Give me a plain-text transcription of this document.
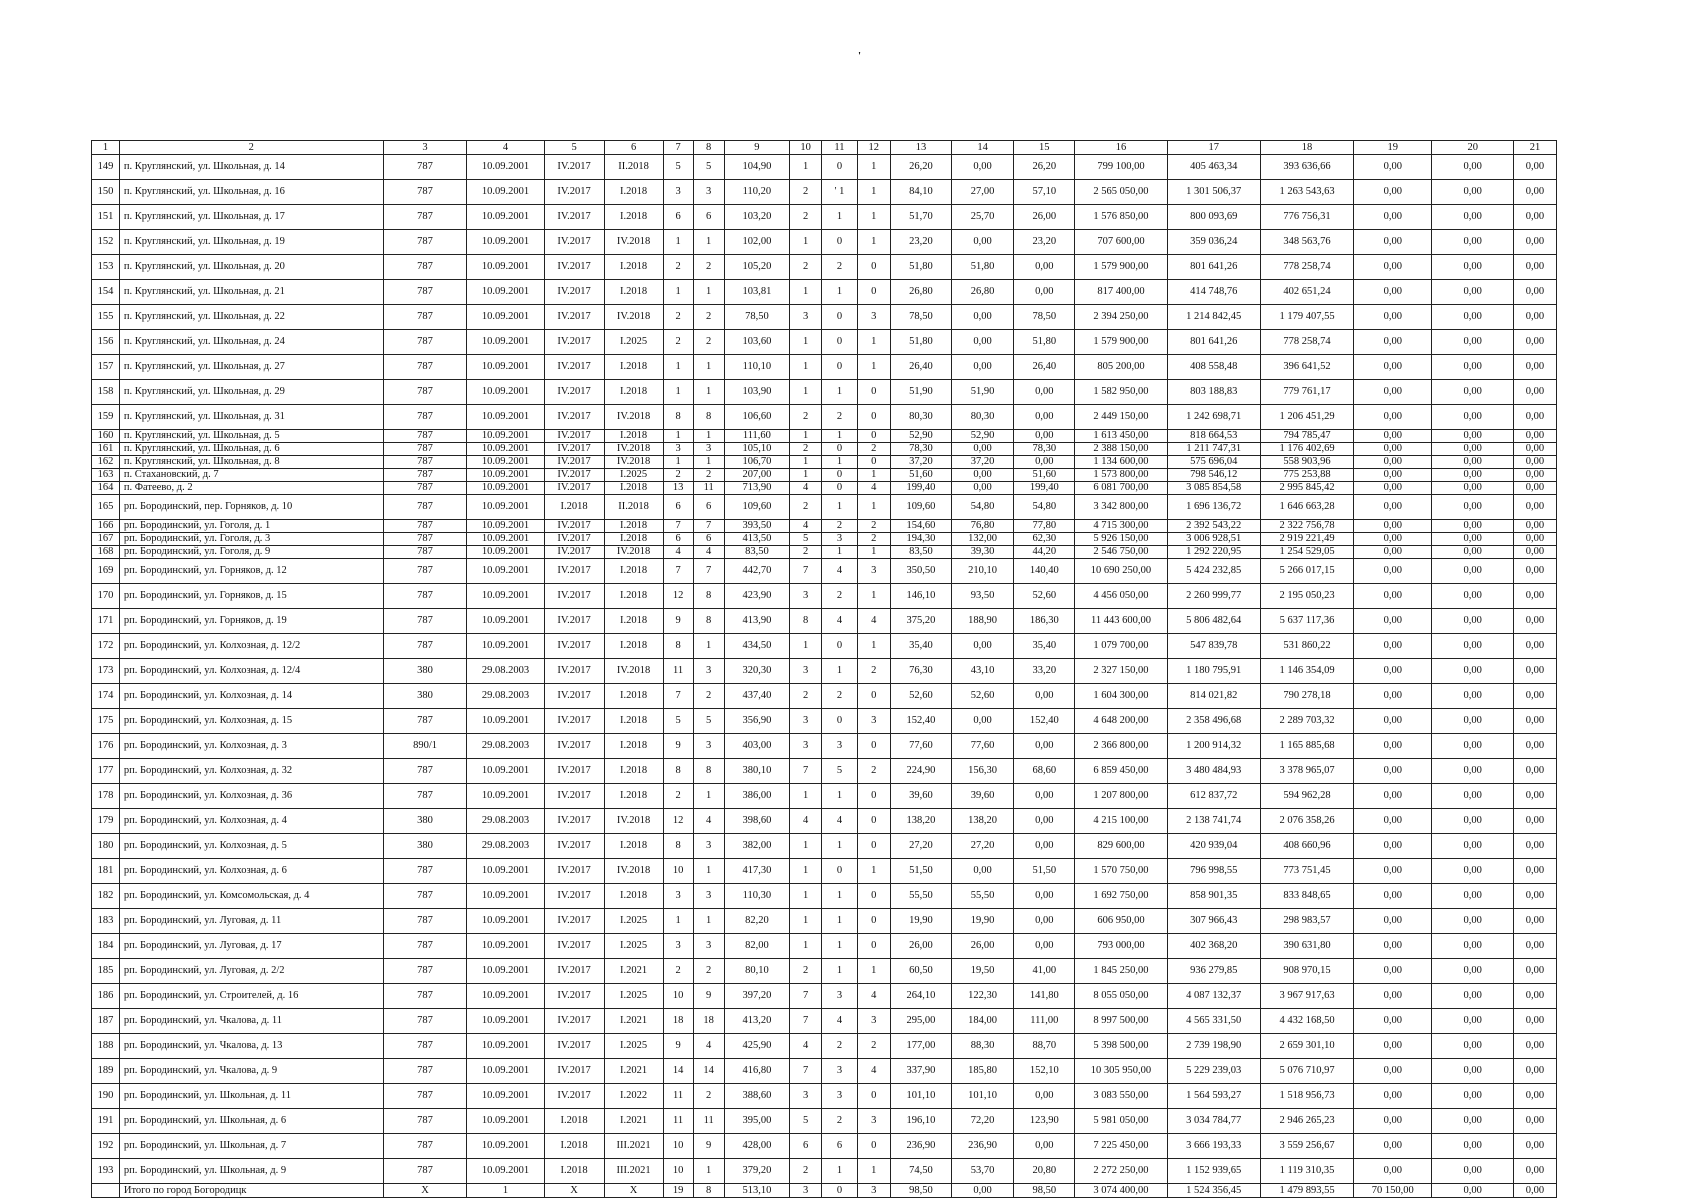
'
1	2	3	4	5	6	7	8	9	10	11	12	13	14	15	16	17	18	19	20	21
149	п. Круглянский, ул. Школьная, д. 14	787	10.09.2001	IV.2017	II.2018	5	5	104,90	1	0	1	26,20	0,00	26,20	799 100,00	405 463,34	393 636,66	0,00	0,00	0,00
150	п. Круглянский, ул. Школьная, д. 16	787	10.09.2001	IV.2017	I.2018	3	3	110,20	2	' 1	1	84,10	27,00	57,10	2 565 050,00	1 301 506,37	1 263 543,63	0,00	0,00	0,00
151	п. Круглянский, ул. Школьная, д. 17	787	10.09.2001	IV.2017	I.2018	6	6	103,20	2	1	1	51,70	25,70	26,00	1 576 850,00	800 093,69	776 756,31	0,00	0,00	0,00
152	п. Круглянский, ул. Школьная, д. 19	787	10.09.2001	IV.2017	IV.2018	1	1	102,00	1	0	1	23,20	0,00	23,20	707 600,00	359 036,24	348 563,76	0,00	0,00	0,00
153	п. Круглянский, ул. Школьная, д. 20	787	10.09.2001	IV.2017	I.2018	2	2	105,20	2	2	0	51,80	51,80	0,00	1 579 900,00	801 641,26	778 258,74	0,00	0,00	0,00
154	п. Круглянский, ул. Школьная, д. 21	787	10.09.2001	IV.2017	I.2018	1	1	103,81	1	1	0	26,80	26,80	0,00	817 400,00	414 748,76	402 651,24	0,00	0,00	0,00
155	п. Круглянский, ул. Школьная, д. 22	787	10.09.2001	IV.2017	IV.2018	2	2	78,50	3	0	3	78,50	0,00	78,50	2 394 250,00	1 214 842,45	1 179 407,55	0,00	0,00	0,00
156	п. Круглянский, ул. Школьная, д. 24	787	10.09.2001	IV.2017	I.2025	2	2	103,60	1	0	1	51,80	0,00	51,80	1 579 900,00	801 641,26	778 258,74	0,00	0,00	0,00
157	п. Круглянский, ул. Школьная, д. 27	787	10.09.2001	IV.2017	I.2018	1	1	110,10	1	0	1	26,40	0,00	26,40	805 200,00	408 558,48	396 641,52	0,00	0,00	0,00
158	п. Круглянский, ул. Школьная, д. 29	787	10.09.2001	IV.2017	I.2018	1	1	103,90	1	1	0	51,90	51,90	0,00	1 582 950,00	803 188,83	779 761,17	0,00	0,00	0,00
159	п. Круглянский, ул. Школьная, д. 31	787	10.09.2001	IV.2017	IV.2018	8	8	106,60	2	2	0	80,30	80,30	0,00	2 449 150,00	1 242 698,71	1 206 451,29	0,00	0,00	0,00
160	п. Круглянский, ул. Школьная, д. 5	787	10.09.2001	IV.2017	I.2018	1	1	111,60	1	1	0	52,90	52,90	0,00	1 613 450,00	818 664,53	794 785,47	0,00	0,00	0,00
161	п. Круглянский, ул. Школьная, д. 6	787	10.09.2001	IV.2017	IV.2018	3	3	105,10	2	0	2	78,30	0,00	78,30	2 388 150,00	1 211 747,31	1 176 402,69	0,00	0,00	0,00
162	п. Круглянский, ул. Школьная, д. 8	787	10.09.2001	IV.2017	IV.2018	1	1	106,70	1	1	0	37,20	37,20	0,00	1 134 600,00	575 696,04	558 903,96	0,00	0,00	0,00
163	п. Стахановский, д. 7	787	10.09.2001	IV.2017	I.2025	2	2	207,00	1	0	1	51,60	0,00	51,60	1 573 800,00	798 546,12	775 253,88	0,00	0,00	0,00
164	п. Фатеево, д. 2	787	10.09.2001	IV.2017	I.2018	13	11	713,90	4	0	4	199,40	0,00	199,40	6 081 700,00	3 085 854,58	2 995 845,42	0,00	0,00	0,00
165	рп. Бородинский, пер. Горняков, д. 10	787	10.09.2001	I.2018	II.2018	6	6	109,60	2	1	1	109,60	54,80	54,80	3 342 800,00	1 696 136,72	1 646 663,28	0,00	0,00	0,00
166	рп. Бородинский, ул. Гоголя, д. 1	787	10.09.2001	IV.2017	I.2018	7	7	393,50	4	2	2	154,60	76,80	77,80	4 715 300,00	2 392 543,22	2 322 756,78	0,00	0,00	0,00
167	рп. Бородинский, ул. Гоголя, д. 3	787	10.09.2001	IV.2017	I.2018	6	6	413,50	5	3	2	194,30	132,00	62,30	5 926 150,00	3 006 928,51	2 919 221,49	0,00	0,00	0,00
168	рп. Бородинский, ул. Гоголя, д. 9	787	10.09.2001	IV.2017	IV.2018	4	4	83,50	2	1	1	83,50	39,30	44,20	2 546 750,00	1 292 220,95	1 254 529,05	0,00	0,00	0,00
169	рп. Бородинский, ул. Горняков, д. 12	787	10.09.2001	IV.2017	I.2018	7	7	442,70	7	4	3	350,50	210,10	140,40	10 690 250,00	5 424 232,85	5 266 017,15	0,00	0,00	0,00
170	рп. Бородинский, ул. Горняков, д. 15	787	10.09.2001	IV.2017	I.2018	12	8	423,90	3	2	1	146,10	93,50	52,60	4 456 050,00	2 260 999,77	2 195 050,23	0,00	0,00	0,00
171	рп. Бородинский, ул. Горняков, д. 19	787	10.09.2001	IV.2017	I.2018	9	8	413,90	8	4	4	375,20	188,90	186,30	11 443 600,00	5 806 482,64	5 637 117,36	0,00	0,00	0,00
172	рп. Бородинский, ул. Колхозная, д. 12/2	787	10.09.2001	IV.2017	I.2018	8	1	434,50	1	0	1	35,40	0,00	35,40	1 079 700,00	547 839,78	531 860,22	0,00	0,00	0,00
173	рп. Бородинский, ул. Колхозная, д. 12/4	380	29.08.2003	IV.2017	IV.2018	11	3	320,30	3	1	2	76,30	43,10	33,20	2 327 150,00	1 180 795,91	1 146 354,09	0,00	0,00	0,00
174	рп. Бородинский, ул. Колхозная, д. 14	380	29.08.2003	IV.2017	I.2018	7	2	437,40	2	2	0	52,60	52,60	0,00	1 604 300,00	814 021,82	790 278,18	0,00	0,00	0,00
175	рп. Бородинский, ул. Колхозная, д. 15	787	10.09.2001	IV.2017	I.2018	5	5	356,90	3	0	3	152,40	0,00	152,40	4 648 200,00	2 358 496,68	2 289 703,32	0,00	0,00	0,00
176	рп. Бородинский, ул. Колхозная, д. 3	890/1	29.08.2003	IV.2017	I.2018	9	3	403,00	3	3	0	77,60	77,60	0,00	2 366 800,00	1 200 914,32	1 165 885,68	0,00	0,00	0,00
177	рп. Бородинский, ул. Колхозная, д. 32	787	10.09.2001	IV.2017	I.2018	8	8	380,10	7	5	2	224,90	156,30	68,60	6 859 450,00	3 480 484,93	3 378 965,07	0,00	0,00	0,00
178	рп. Бородинский, ул. Колхозная, д. 36	787	10.09.2001	IV.2017	I.2018	2	1	386,00	1	1	0	39,60	39,60	0,00	1 207 800,00	612 837,72	594 962,28	0,00	0,00	0,00
179	рп. Бородинский, ул. Колхозная, д. 4	380	29.08.2003	IV.2017	IV.2018	12	4	398,60	4	4	0	138,20	138,20	0,00	4 215 100,00	2 138 741,74	2 076 358,26	0,00	0,00	0,00
180	рп. Бородинский, ул. Колхозная, д. 5	380	29.08.2003	IV.2017	I.2018	8	3	382,00	1	1	0	27,20	27,20	0,00	829 600,00	420 939,04	408 660,96	0,00	0,00	0,00
181	рп. Бородинский, ул. Колхозная, д. 6	787	10.09.2001	IV.2017	IV.2018	10	1	417,30	1	0	1	51,50	0,00	51,50	1 570 750,00	796 998,55	773 751,45	0,00	0,00	0,00
182	рп. Бородинский, ул. Комсомольская, д. 4	787	10.09.2001	IV.2017	I.2018	3	3	110,30	1	1	0	55,50	55,50	0,00	1 692 750,00	858 901,35	833 848,65	0,00	0,00	0,00
183	рп. Бородинский, ул. Луговая, д. 11	787	10.09.2001	IV.2017	I.2025	1	1	82,20	1	1	0	19,90	19,90	0,00	606 950,00	307 966,43	298 983,57	0,00	0,00	0,00
184	рп. Бородинский, ул. Луговая, д. 17	787	10.09.2001	IV.2017	I.2025	3	3	82,00	1	1	0	26,00	26,00	0,00	793 000,00	402 368,20	390 631,80	0,00	0,00	0,00
185	рп. Бородинский, ул. Луговая, д. 2/2	787	10.09.2001	IV.2017	I.2021	2	2	80,10	2	1	1	60,50	19,50	41,00	1 845 250,00	936 279,85	908 970,15	0,00	0,00	0,00
186	рп. Бородинский, ул. Строителей, д. 16	787	10.09.2001	IV.2017	I.2025	10	9	397,20	7	3	4	264,10	122,30	141,80	8 055 050,00	4 087 132,37	3 967 917,63	0,00	0,00	0,00
187	рп. Бородинский, ул. Чкалова, д. 11	787	10.09.2001	IV.2017	I.2021	18	18	413,20	7	4	3	295,00	184,00	111,00	8 997 500,00	4 565 331,50	4 432 168,50	0,00	0,00	0,00
188	рп. Бородинский, ул. Чкалова, д. 13	787	10.09.2001	IV.2017	I.2025	9	4	425,90	4	2	2	177,00	88,30	88,70	5 398 500,00	2 739 198,90	2 659 301,10	0,00	0,00	0,00
189	рп. Бородинский, ул. Чкалова, д. 9	787	10.09.2001	IV.2017	I.2021	14	14	416,80	7	3	4	337,90	185,80	152,10	10 305 950,00	5 229 239,03	5 076 710,97	0,00	0,00	0,00
190	рп. Бородинский, ул. Школьная, д. 11	787	10.09.2001	IV.2017	I.2022	11	2	388,60	3	3	0	101,10	101,10	0,00	3 083 550,00	1 564 593,27	1 518 956,73	0,00	0,00	0,00
191	рп. Бородинский, ул. Школьная, д. 6	787	10.09.2001	I.2018	I.2021	11	11	395,00	5	2	3	196,10	72,20	123,90	5 981 050,00	3 034 784,77	2 946 265,23	0,00	0,00	0,00
192	рп. Бородинский, ул. Школьная, д. 7	787	10.09.2001	I.2018	III.2021	10	9	428,00	6	6	0	236,90	236,90	0,00	7 225 450,00	3 666 193,33	3 559 256,67	0,00	0,00	0,00
193	рп. Бородинский, ул. Школьная, д. 9	787	10.09.2001	I.2018	III.2021	10	1	379,20	2	1	1	74,50	53,70	20,80	2 272 250,00	1 152 939,65	1 119 310,35	0,00	0,00	0,00
	Итого по город Богородицк	X	1	X	X	19	8	513,10	3	0	3	98,50	0,00	98,50	3 074 400,00	1 524 356,45	1 479 893,55	70 150,00	0,00	0,00
